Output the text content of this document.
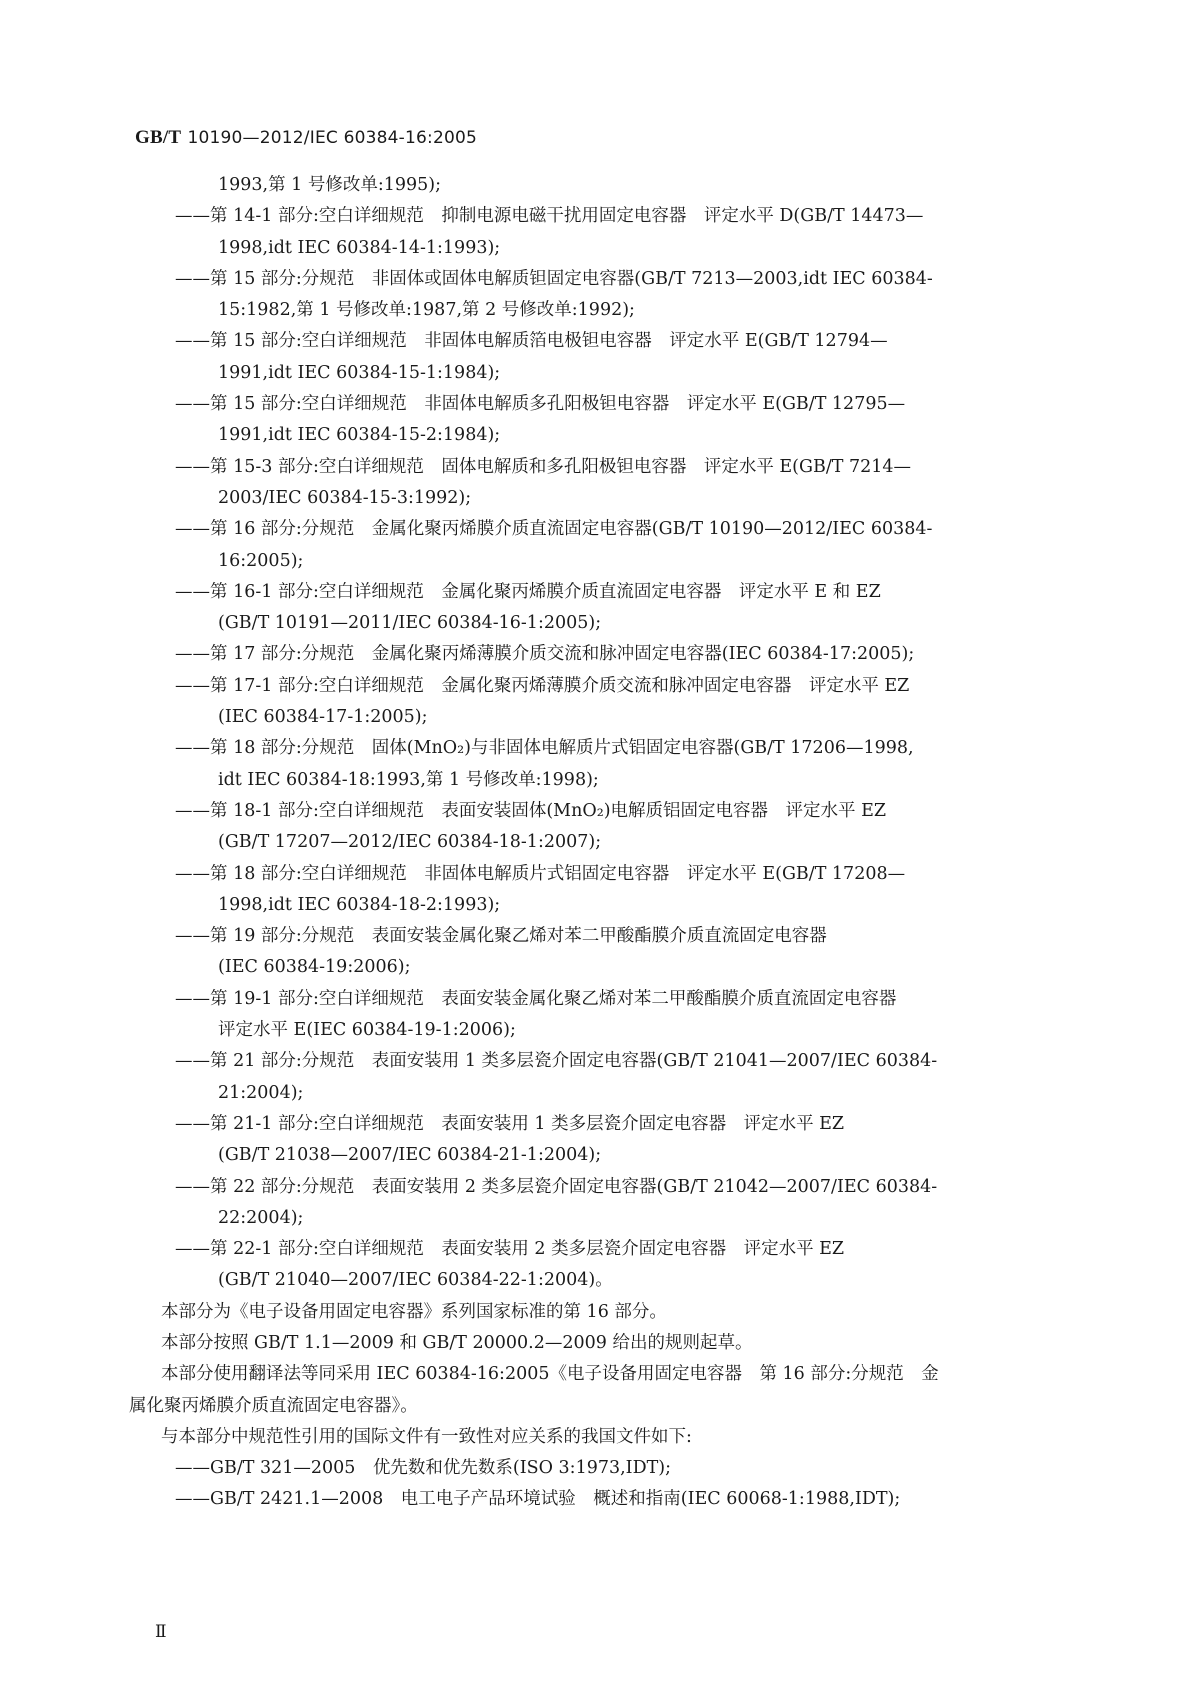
GB/T 10190—2012/IEC 60384-16:2005
1993,第 1 号修改单:1995);
——第 14-1 部分:空白详细规范　抑制电源电磁干扰用固定电容器　评定水平 D(GB/T 14473—
1998,idt IEC 60384-14-1:1993);
——第 15 部分:分规范　非固体或固体电解质钽固定电容器(GB/T 7213—2003,idt IEC 60384-
15:1982,第 1 号修改单:1987,第 2 号修改单:1992);
——第 15 部分:空白详细规范　非固体电解质箔电极钽电容器　评定水平 E(GB/T 12794—
1991,idt IEC 60384-15-1:1984);
——第 15 部分:空白详细规范　非固体电解质多孔阳极钽电容器　评定水平 E(GB/T 12795—
1991,idt IEC 60384-15-2:1984);
——第 15-3 部分:空白详细规范　固体电解质和多孔阳极钽电容器　评定水平 E(GB/T 7214—
2003/IEC 60384-15-3:1992);
——第 16 部分:分规范　金属化聚丙烯膜介质直流固定电容器(GB/T 10190—2012/IEC 60384-
16:2005);
——第 16-1 部分:空白详细规范　金属化聚丙烯膜介质直流固定电容器　评定水平 E 和 EZ
(GB/T 10191—2011/IEC 60384-16-1:2005);
——第 17 部分:分规范　金属化聚丙烯薄膜介质交流和脉冲固定电容器(IEC 60384-17:2005);
——第 17-1 部分:空白详细规范　金属化聚丙烯薄膜介质交流和脉冲固定电容器　评定水平 EZ
(IEC 60384-17-1:2005);
——第 18 部分:分规范　固体(MnO₂)与非固体电解质片式铝固定电容器(GB/T 17206—1998,
idt IEC 60384-18:1993,第 1 号修改单:1998);
——第 18-1 部分:空白详细规范　表面安装固体(MnO₂)电解质铝固定电容器　评定水平 EZ
(GB/T 17207—2012/IEC 60384-18-1:2007);
——第 18 部分:空白详细规范　非固体电解质片式铝固定电容器　评定水平 E(GB/T 17208—
1998,idt IEC 60384-18-2:1993);
——第 19 部分:分规范　表面安装金属化聚乙烯对苯二甲酸酯膜介质直流固定电容器
(IEC 60384-19:2006);
——第 19-1 部分:空白详细规范　表面安装金属化聚乙烯对苯二甲酸酯膜介质直流固定电容器
评定水平 E(IEC 60384-19-1:2006);
——第 21 部分:分规范　表面安装用 1 类多层瓷介固定电容器(GB/T 21041—2007/IEC 60384-
21:2004);
——第 21-1 部分:空白详细规范　表面安装用 1 类多层瓷介固定电容器　评定水平 EZ
(GB/T 21038—2007/IEC 60384-21-1:2004);
——第 22 部分:分规范　表面安装用 2 类多层瓷介固定电容器(GB/T 21042—2007/IEC 60384-
22:2004);
——第 22-1 部分:空白详细规范　表面安装用 2 类多层瓷介固定电容器　评定水平 EZ
(GB/T 21040—2007/IEC 60384-22-1:2004)。
本部分为《电子设备用固定电容器》系列国家标准的第 16 部分。
本部分按照 GB/T 1.1—2009 和 GB/T 20000.2—2009 给出的规则起草。
本部分使用翻译法等同采用 IEC 60384-16:2005《电子设备用固定电容器　第 16 部分:分规范　金
属化聚丙烯膜介质直流固定电容器》。
与本部分中规范性引用的国际文件有一致性对应关系的我国文件如下:
——GB/T 321—2005　优先数和优先数系(ISO 3:1973,IDT);
——GB/T 2421.1—2008　电工电子产品环境试验　概述和指南(IEC 60068-1:1988,IDT);
Ⅱ
